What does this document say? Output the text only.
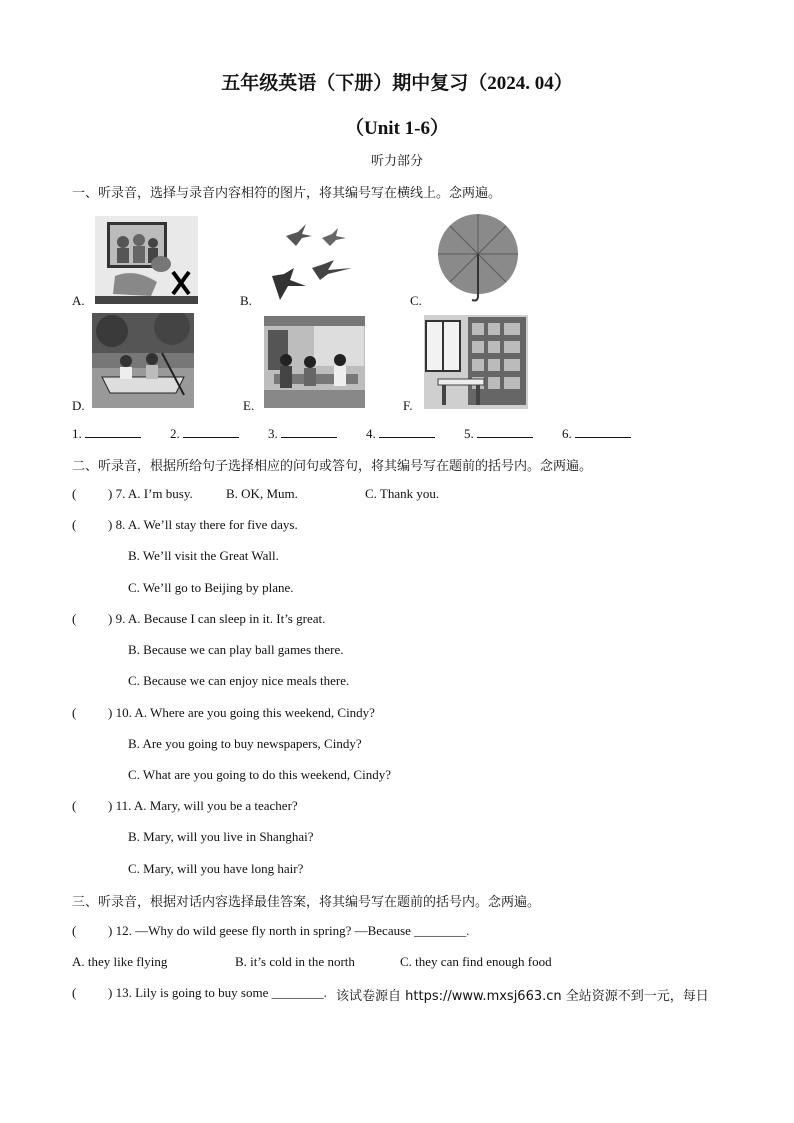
五年级英语（下册）期中复习（2024. 04）
（Unit 1-6）
听力部分
一、听录音，选择与录音内容相符的图片，将其编号写在横线上。念两遍。
A.	B.	C.
D.	E.	F.
1.	2.	3.	4.	5.	6.
二、听录音，根据所给句子选择相应的问句或答句，将其编号写在题前的括号内。念两遍。
( ) 7. A. I’m busy.	B. OK, Mum.	C. Thank you.
( ) 8. A. We’ll stay there for five days.
B. We’ll visit the Great Wall.
C. We’ll go to Beijing by plane.
( ) 9. A. Because I can sleep in it. It’s great.
B. Because we can play ball games there.
C. Because we can enjoy nice meals there.
( ) 10. A. Where are you going this weekend, Cindy?
B. Are you going to buy newspapers, Cindy?
C. What are you going to do this weekend, Cindy?
( ) 11. A. Mary, will you be a teacher?
B. Mary, will you live in Shanghai?
C. Mary, will you have long hair?
三、听录音，根据对话内容选择最佳答案，将其编号写在题前的括号内。念两遍。
( ) 12. —Why do wild geese fly north in spring? —Because ________.
A. they like flying	B. it’s cold in the north	C. they can find enough food
( ) 13. Lily is going to buy some ________. 该试卷源自 https://www.mxsj663.cn 全站资源不到一元，每日
